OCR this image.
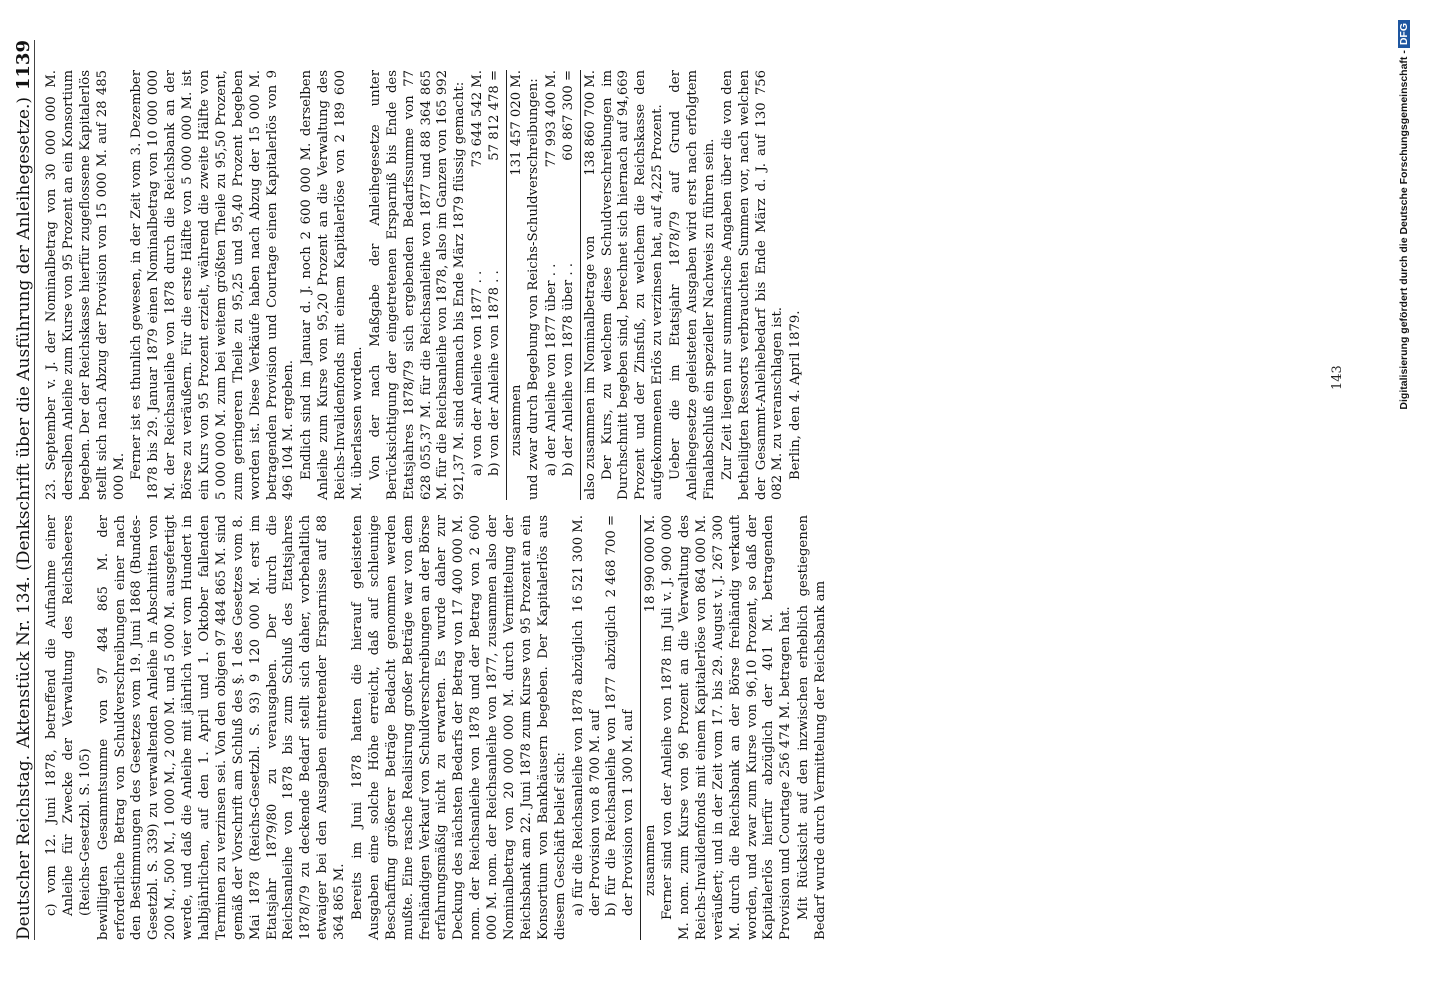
Deutscher Reichstag.
Aktenstück Nr. 134. (Denkschrift über die Ausführung der Anleihegesetze.)
1139

c) vom 12. Juni 1878, betreffend die Aufnahme einer Anleihe für Zwecke der Verwaltung des Reichsheeres (Reichs-Gesetzbl. S. 105) bewilligten Gesammtsumme von 97 484 865 M. der erforderliche Betrag von Schuldverschreibungen einer nach den Bestimmungen des Gesetzes vom 19. Juni 1868 (Bundes-Gesetzbl. S. 339) zu verwaltenden Anleihe in Abschnitten von 200 M., 500 M., 1 000 M., 2 000 M. und 5 000 M. ausgefertigt werde, und daß die Anleihe mit jährlich vier vom Hundert in halbjährlichen, auf den 1. April und 1. Oktober fallenden Terminen zu verzinsen sei. Von den obigen 97 484 865 M. sind gemäß der Vorschrift am Schluß des §. 1 des Gesetzes vom 8. Mai 1878 (Reichs-Gesetzbl. S. 93) 9 120 000 M. erst im Etatsjahr 1879/80 zu verausgaben. Der durch die Reichsanleihe von 1878 bis zum Schluß des Etatsjahres 1878/79 zu deckende Bedarf stellt sich daher, vorbehaltlich etwaiger bei den Ausgaben eintretender Ersparnisse auf 88 364 865 M. Bereits im Juni 1878 hatten die hierauf geleisteten Ausgaben eine solche Höhe erreicht, daß auf schleunige Beschaffung größerer Beträge Bedacht genommen werden mußte. Eine rasche Realisirung großer Beträge war von dem freihändigen Verkauf von Schuldverschreibungen an der Börse erfahrungsmäßig nicht zu erwarten. Es wurde daher zur Deckung des nächsten Bedarfs der Betrag von 17 400 000 M. nom. der Reichsanleihe von 1878 und der Betrag von 2 600 000 M. nom. der Reichsanleihe von 1877, zusammen also der Nominalbetrag von 20 000 000 M. durch Vermittelung der Reichsbank am 22. Juni 1878 zum Kurse von 95 Prozent an ein Konsortium von Bankhäusern begeben. Der Kapitalerlös aus diesem Geschäft belief sich: a) für die Reichsanleihe von 1878 abzüglich der Provision von 8 700 M. auf
16 521 300 M.
b) für die Reichsanleihe von 1877 abzüglich der Provision von 1 300 M. auf
2 468 700 =
zusammen
18 990 000 M. Ferner sind von der Anleihe von 1878 im Juli v. J. 900 000 M. nom. zum Kurse von 96 Prozent an die Verwaltung des Reichs-Invalidenfonds mit einem Kapitalerlöse von 864 000 M. veräußert; und in der Zeit vom 17. bis 29. August v. J. 267 300 M. durch die Reichsbank an der Börse freihändig verkauft worden, und zwar zum Kurse von 96,10 Prozent, so daß der Kapitalerlös hierfür abzüglich der 401 M. betragenden Provision und Courtage 256 474 M. betragen hat. Mit Rücksicht auf den inzwischen erheblich gestiegenen Bedarf wurde durch Vermittelung der Reichsbank am

23. September v. J. der Nominalbetrag von 30 000 000 M. derselben Anleihe zum Kurse von 95 Prozent an ein Konsortium begeben. Der der Reichskasse hierfür zugeflossene Kapitalerlös stellt sich nach Abzug der Provision von 15 000 M. auf 28 485 000 M. Ferner ist es thunlich gewesen, in der Zeit vom 3. Dezember 1878 bis 29. Januar 1879 einen Nominalbetrag von 10 000 000 M. der Reichsanleihe von 1878 durch die Reichsbank an der Börse zu veräußern. Für die erste Hälfte von 5 000 000 M. ist ein Kurs von 95 Prozent erzielt, während die zweite Hälfte von 5 000 000 M. zum bei weitem größten Theile zu 95,50 Prozent, zum geringeren Theile zu 95,25 und 95,40 Prozent begeben worden ist. Diese Verkäufe haben nach Abzug der 15 000 M. betragenden Provision und Courtage einen Kapitalerlös von 9 496 104 M. ergeben. Endlich sind im Januar d. J. noch 2 600 000 M. derselben Anleihe zum Kurse von 95,20 Prozent an die Verwaltung des Reichs-Invalidenfonds mit einem Kapitalerlöse von 2 189 600 M. überlassen worden. Von der nach Maßgabe der Anleihegesetze unter Berücksichtigung der eingetretenen Ersparniß bis Ende des Etatsjahres 1878/79 sich ergebenden Bedarfssumme von 77 628 055,37 M. für die Reichsanleihe von 1877 und 88 364 865 M. für die Reichsanleihe von 1878, also im Ganzen von 165 992 921,37 M. sind demnach bis Ende März 1879 flüssig gemacht: a) von der Anleihe von 1877 . .
73 644 542 M.
b) von der Anleihe von 1878 . .
57 812 478 =
zusammen
131 457 020 M. und zwar durch Begebung von Reichs-Schuldverschreibungen: a) der Anleihe von 1877 über . .
77 993 400 M.
b) der Anleihe von 1878 über . .
60 867 300 =
also zusammen im Nominalbetrage von
138 860 700 M. Der Kurs, zu welchem diese Schuldverschreibungen im Durchschnitt begeben sind, berechnet sich hiernach auf 94,669 Prozent und der Zinsfuß, zu welchem die Reichskasse den aufgekommenen Erlös zu verzinsen hat, auf 4,225 Prozent. Ueber die im Etatsjahr 1878/79 auf Grund der Anleihegesetze geleisteten Ausgaben wird erst nach erfolgtem Finalabschluß ein spezieller Nachweis zu führen sein. Zur Zeit liegen nur summarische Angaben über die von den betheiligten Ressorts verbrauchten Summen vor, nach welchen der Gesammt-Anleihebedarf bis Ende März d. J. auf 130 756 082 M. zu veranschlagen ist. Berlin, den 4. April 1879.	143	Digitalisierung gefördert durch die Deutsche Forschungsgemeinschaft -DFG
